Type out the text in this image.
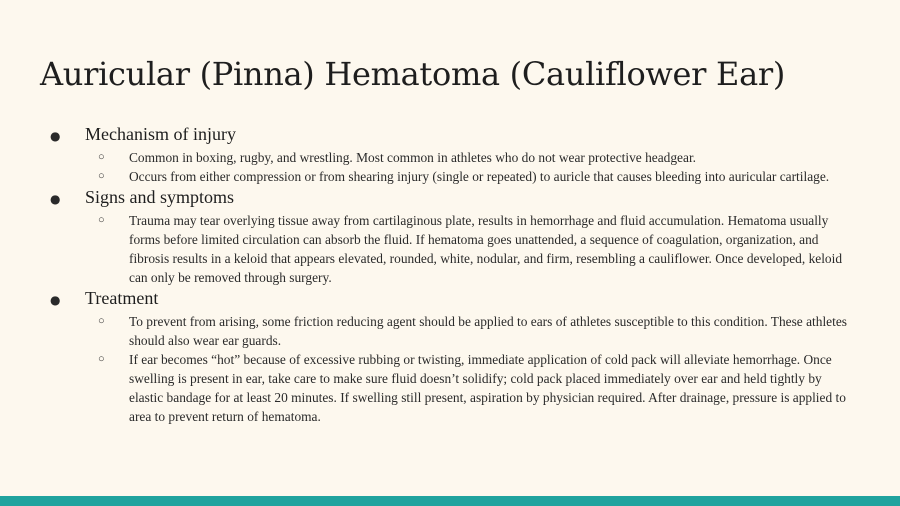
Auricular (Pinna) Hematoma (Cauliflower Ear)
●	Mechanism of injury
○	Common in boxing, rugby, and wrestling. Most common in athletes who do not wear protective headgear.
○	Occurs from either compression or from shearing injury (single or repeated) to auricle that causes bleeding into auricular cartilage.
●	Signs and symptoms
○	Trauma may tear overlying tissue away from cartilaginous plate, results in hemorrhage and fluid accumulation. Hematoma usually forms before limited circulation can absorb the fluid. If hematoma goes unattended, a sequence of coagulation, organization, and fibrosis results in a keloid that appears elevated, rounded, white, nodular, and firm, resembling a cauliflower. Once developed, keloid can only be removed through surgery.
●	Treatment
○	To prevent from arising, some friction reducing agent should be applied to ears of athletes susceptible to this condition. These athletes should also wear ear guards.
○	If ear becomes “hot” because of excessive rubbing or twisting, immediate application of cold pack will alleviate hemorrhage. Once swelling is present in ear, take care to make sure fluid doesn’t solidify; cold pack placed immediately over ear and held tightly by elastic bandage for at least 20 minutes. If swelling still present, aspiration by physician required. After drainage, pressure is applied to area to prevent return of hematoma.
